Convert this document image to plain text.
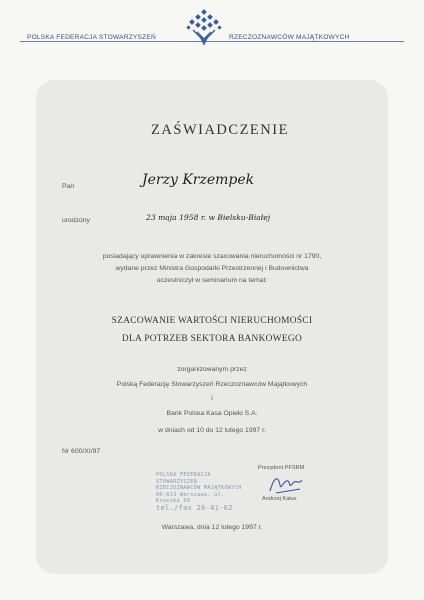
POLSKA FEDERACJA STOWARZYSZEŃ	RZECZOZNAWCÓW MAJĄTKOWYCH
ZAŚWIADCZENIE
Pan	Jerzy Krzempek
urodzony	23 maja 1958 r. w Bielsku-Białej
posiadający uprawnienia w zakresie szacowania nieruchomości nr 1790,
wydane przez Ministra Gospodarki Przestrzennej i Budownictwa
uczestniczył w seminarium na temat:
SZACOWANIE WARTOŚCI NIERUCHOMOŚCI
DLA POTRZEB SEKTORA BANKOWEGO
zorganizowanym przez
Polską Federację Stowarzyszeń Rzeczoznawców Majątkowych
i
Bank Polska Kasa Opieki S.A.
w dniach od 10 do 12 lutego 1997 r.
Nr 600/XI/97
POLSKA FEDERACJA STOWARZYSZEŃ
RZECZOZNAWCÓW MAJĄTKOWYCH
00-613 Warszawa, ul. Kruczka 58
tel./fax 26-41-62
Prezydent PFSRM
Andrzej Kałus
Warszawa, dnia 12 lutego 1997 r.
